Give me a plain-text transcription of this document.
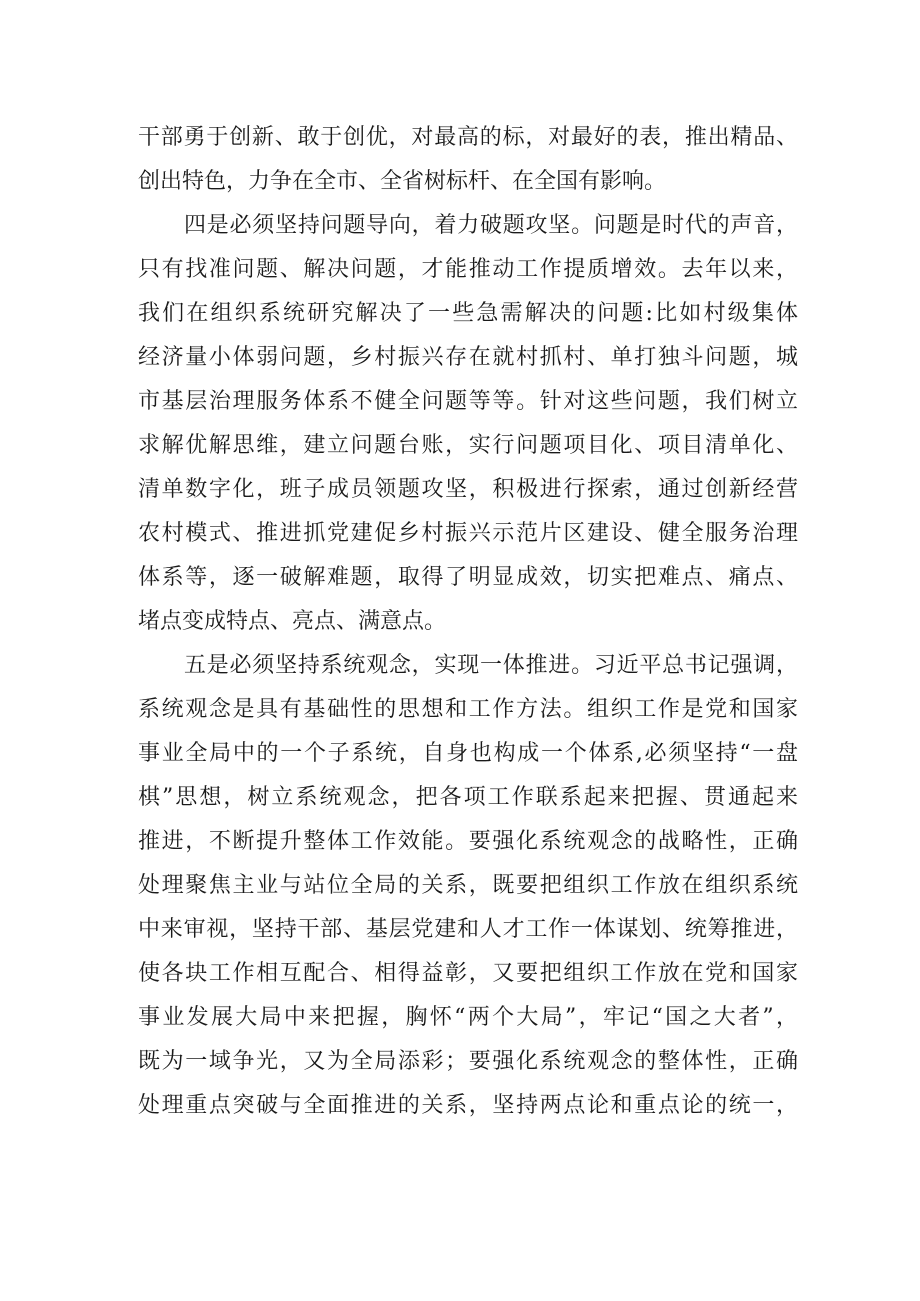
干部勇于创新、敢于创优，对最高的标，对最好的表，推出精品、
创出特色，力争在全市、全省树标杆、在全国有影响。
四是必须坚持问题导向，着力破题攻坚。问题是时代的声音，
只有找准问题、解决问题，才能推动工作提质增效。去年以来，
我们在组织系统研究解决了一些急需解决的问题:比如村级集体
经济量小体弱问题，乡村振兴存在就村抓村、单打独斗问题，城
市基层治理服务体系不健全问题等等。针对这些问题，我们树立
求解优解思维，建立问题台账，实行问题项目化、项目清单化、
清单数字化，班子成员领题攻坚，积极进行探索，通过创新经营
农村模式、推进抓党建促乡村振兴示范片区建设、健全服务治理
体系等，逐一破解难题，取得了明显成效，切实把难点、痛点、
堵点变成特点、亮点、满意点。
五是必须坚持系统观念，实现一体推进。习近平总书记强调，
系统观念是具有基础性的思想和工作方法。组织工作是党和国家
事业全局中的一个子系统，自身也构成一个体系,必须坚持“一盘
棋”思想，树立系统观念，把各项工作联系起来把握、贯通起来
推进，不断提升整体工作效能。要强化系统观念的战略性，正确
处理聚焦主业与站位全局的关系，既要把组织工作放在组织系统
中来审视，坚持干部、基层党建和人才工作一体谋划、统筹推进，
使各块工作相互配合、相得益彰，又要把组织工作放在党和国家
事业发展大局中来把握，胸怀“两个大局”，牢记“国之大者”，
既为一域争光，又为全局添彩；要强化系统观念的整体性，正确
处理重点突破与全面推进的关系，坚持两点论和重点论的统一，
